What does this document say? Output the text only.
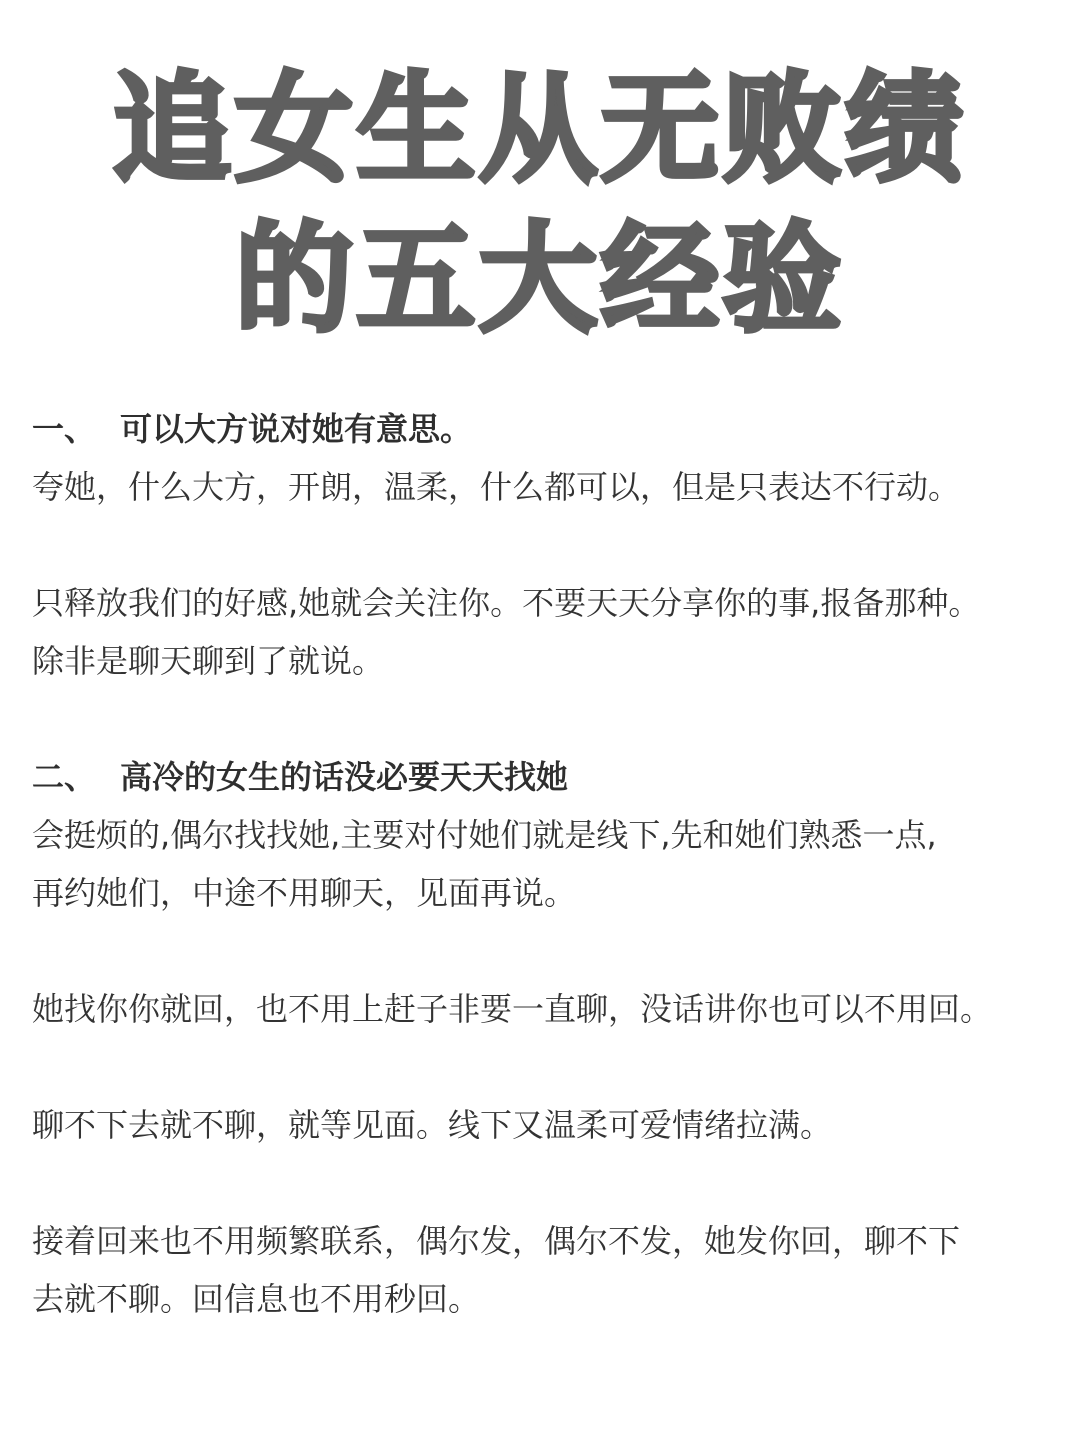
追女生从无败绩
的五大经验
一、 可以大方说对她有意思。
夸她，什么大方，开朗，温柔，什么都可以，但是只表达不行动。
只释放我们的好感,她就会关注你。不要天天分享你的事,报备那种。
除非是聊天聊到了就说。
二、 高冷的女生的话没必要天天找她
会挺烦的,偶尔找找她,主要对付她们就是线下,先和她们熟悉一点,
再约她们，中途不用聊天，见面再说。
她找你你就回，也不用上赶子非要一直聊，没话讲你也可以不用回。
聊不下去就不聊，就等见面。线下又温柔可爱情绪拉满。
接着回来也不用频繁联系，偶尔发，偶尔不发，她发你回，聊不下
去就不聊。回信息也不用秒回。
